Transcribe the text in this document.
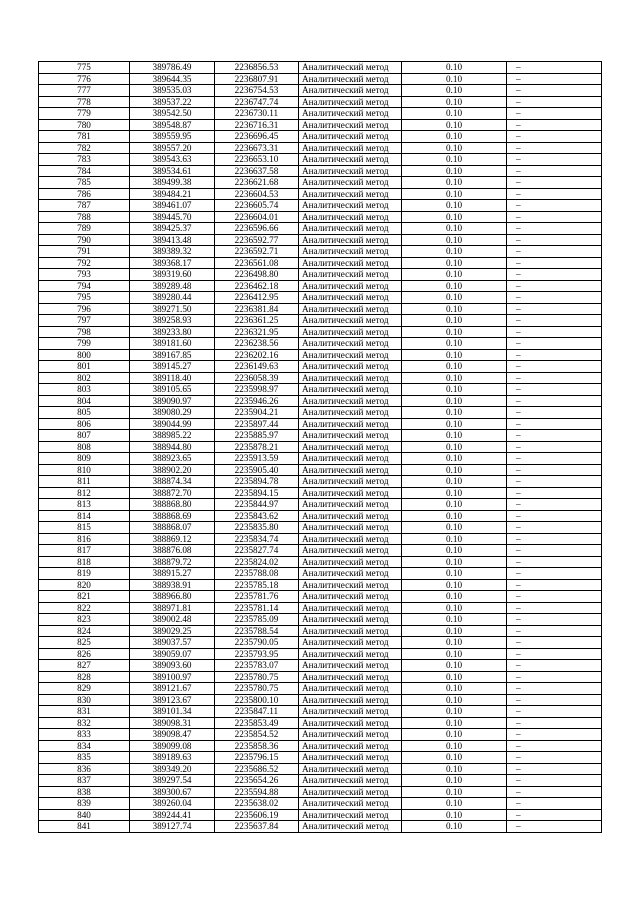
775	389786.49	2236856.53	Аналитический метод	0.10	–
776	389644.35	2236807.91	Аналитический метод	0.10	–
777	389535.03	2236754.53	Аналитический метод	0.10	–
778	389537.22	2236747.74	Аналитический метод	0.10	–
779	389542.50	2236730.11	Аналитический метод	0.10	–
780	389548.87	2236716.31	Аналитический метод	0.10	–
781	389559.95	2236696.45	Аналитический метод	0.10	–
782	389557.20	2236673.31	Аналитический метод	0.10	–
783	389543.63	2236653.10	Аналитический метод	0.10	–
784	389534.61	2236637.58	Аналитический метод	0.10	–
785	389499.38	2236621.68	Аналитический метод	0.10	–
786	389484.21	2236604.53	Аналитический метод	0.10	–
787	389461.07	2236605.74	Аналитический метод	0.10	–
788	389445.70	2236604.01	Аналитический метод	0.10	–
789	389425.37	2236596.66	Аналитический метод	0.10	–
790	389413.48	2236592.77	Аналитический метод	0.10	–
791	389389.32	2236592.71	Аналитический метод	0.10	–
792	389368.17	2236561.08	Аналитический метод	0.10	–
793	389319.60	2236498.80	Аналитический метод	0.10	–
794	389289.48	2236462.18	Аналитический метод	0.10	–
795	389280.44	2236412.95	Аналитический метод	0.10	–
796	389271.50	2236381.84	Аналитический метод	0.10	–
797	389258.93	2236361.25	Аналитический метод	0.10	–
798	389233.80	2236321.95	Аналитический метод	0.10	–
799	389181.60	2236238.56	Аналитический метод	0.10	–
800	389167.85	2236202.16	Аналитический метод	0.10	–
801	389145.27	2236149.63	Аналитический метод	0.10	–
802	389118.40	2236058.39	Аналитический метод	0.10	–
803	389105.65	2235998.97	Аналитический метод	0.10	–
804	389090.97	2235946.26	Аналитический метод	0.10	–
805	389080.29	2235904.21	Аналитический метод	0.10	–
806	389044.99	2235897.44	Аналитический метод	0.10	–
807	388985.22	2235885.97	Аналитический метод	0.10	–
808	388944.80	2235878.21	Аналитический метод	0.10	–
809	388923.65	2235913.59	Аналитический метод	0.10	–
810	388902.20	2235905.40	Аналитический метод	0.10	–
811	388874.34	2235894.78	Аналитический метод	0.10	–
812	388872.70	2235894.15	Аналитический метод	0.10	–
813	388868.80	2235844.97	Аналитический метод	0.10	–
814	388868.69	2235843.62	Аналитический метод	0.10	–
815	388868.07	2235835.80	Аналитический метод	0.10	–
816	388869.12	2235834.74	Аналитический метод	0.10	–
817	388876.08	2235827.74	Аналитический метод	0.10	–
818	388879.72	2235824.02	Аналитический метод	0.10	–
819	388915.27	2235788.08	Аналитический метод	0.10	–
820	388938.91	2235785.18	Аналитический метод	0.10	–
821	388966.80	2235781.76	Аналитический метод	0.10	–
822	388971.81	2235781.14	Аналитический метод	0.10	–
823	389002.48	2235785.09	Аналитический метод	0.10	–
824	389029.25	2235788.54	Аналитический метод	0.10	–
825	389037.57	2235790.05	Аналитический метод	0.10	–
826	389059.07	2235793.95	Аналитический метод	0.10	–
827	389093.60	2235783.07	Аналитический метод	0.10	–
828	389100.97	2235780.75	Аналитический метод	0.10	–
829	389121.67	2235780.75	Аналитический метод	0.10	–
830	389123.67	2235800.10	Аналитический метод	0.10	–
831	389101.34	2235847.11	Аналитический метод	0.10	–
832	389098.31	2235853.49	Аналитический метод	0.10	–
833	389098.47	2235854.52	Аналитический метод	0.10	–
834	389099.08	2235858.36	Аналитический метод	0.10	–
835	389189.63	2235796.15	Аналитический метод	0.10	–
836	389349.20	2235686.52	Аналитический метод	0.10	–
837	389297.54	2235654.26	Аналитический метод	0.10	–
838	389300.67	2235594.88	Аналитический метод	0.10	–
839	389260.04	2235638.02	Аналитический метод	0.10	–
840	389244.41	2235606.19	Аналитический метод	0.10	–
841	389127.74	2235637.84	Аналитический метод	0.10	–
